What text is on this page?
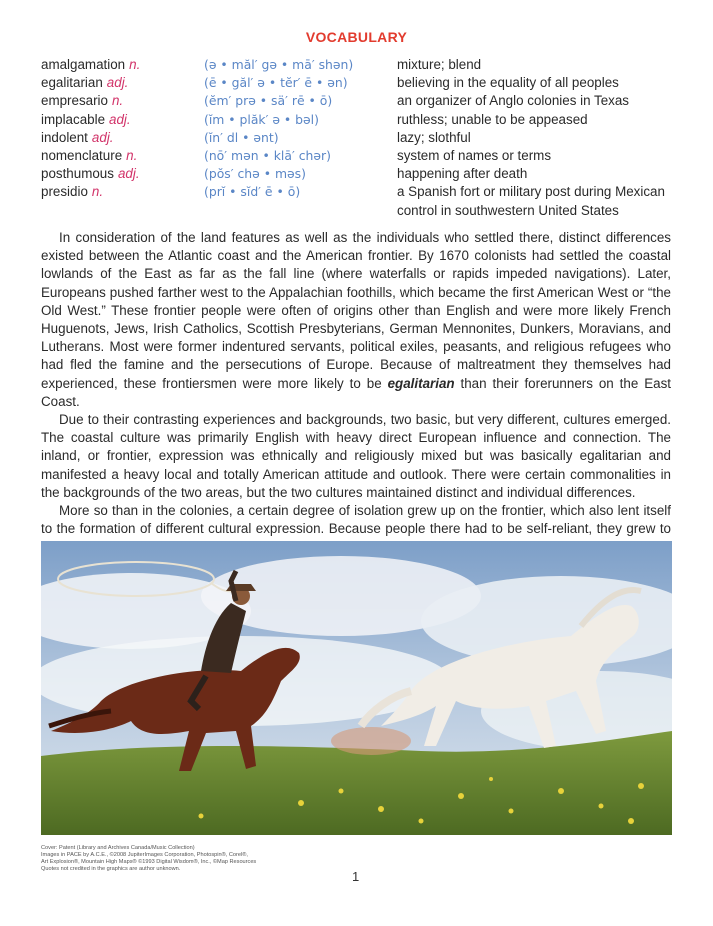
VOCABULARY
amalgamation n.	(ə • măl′ gə • mā′ shən)	mixture; blend
egalitarian adj.	(ē • găl′ ə • tĕr′ ē • ən)	believing in the equality of all peoples
empresario n.	(ĕm′ prə • sä′ rē • ō)	an organizer of Anglo colonies in Texas
implacable adj.	(ĭm • plăk′ ə • bəl)	ruthless; unable to be appeased
indolent adj.	(ĭn′ dl • ənt)	lazy; slothful
nomenclature n.	(nō′ mən • klā′ chər)	system of names or terms
posthumous adj.	(pŏs′ chə • məs)	happening after death
presidio n.	(prĭ • sĭd′ ē • ō)	a Spanish fort or military post during Mexican control in southwestern United States

In consideration of the land features as well as the individuals who settled there, distinct differences existed between the Atlantic coast and the American frontier. By 1670 colonists had settled the coastal lowlands of the East as far as the fall line (where waterfalls or rapids impeded navigations). Later, Europeans pushed farther west to the Appalachian foothills, which became the first American West or “the Old West.” These frontier people were often of origins other than English and were more likely French Huguenots, Jews, Irish Catholics, Scottish Presbyterians, German Mennonites, Dunkers, Moravians, and Lutherans. Most were former indentured servants, political exiles, peasants, and religious refugees who had fled the famine and the persecutions of Europe. Because of maltreatment they themselves had experienced, these frontiersmen were more likely to be egalitarian than their forerunners on the East Coast.

Due to their contrasting experiences and backgrounds, two basic, but very different, cultures emerged. The coastal culture was primarily English with heavy direct European influence and connection. The inland, or frontier, expression was ethnically and religiously mixed but was basically egalitarian and manifested a heavy local and totally American attitude and outlook. There were certain commonalities in the backgrounds of the two areas, but the two cultures maintained distinct and individual differences.

More so than in the colonies, a certain degree of isolation grew up on the frontier, which also lent itself to the formation of different cultural expression. Because people there had to be self-reliant, they grew to

Cover: Patent (Library and Archives Canada/Music Collection)
Images in PACE by A.C.E., ©2008 JupiterImages Corporation, Photospin®, Corel®,
Art Explosion®, Mountain High Maps® ©1993 Digital Wisdom®, Inc., ©Map Resources
Quotes not credited in the graphics are author unknown.	1
